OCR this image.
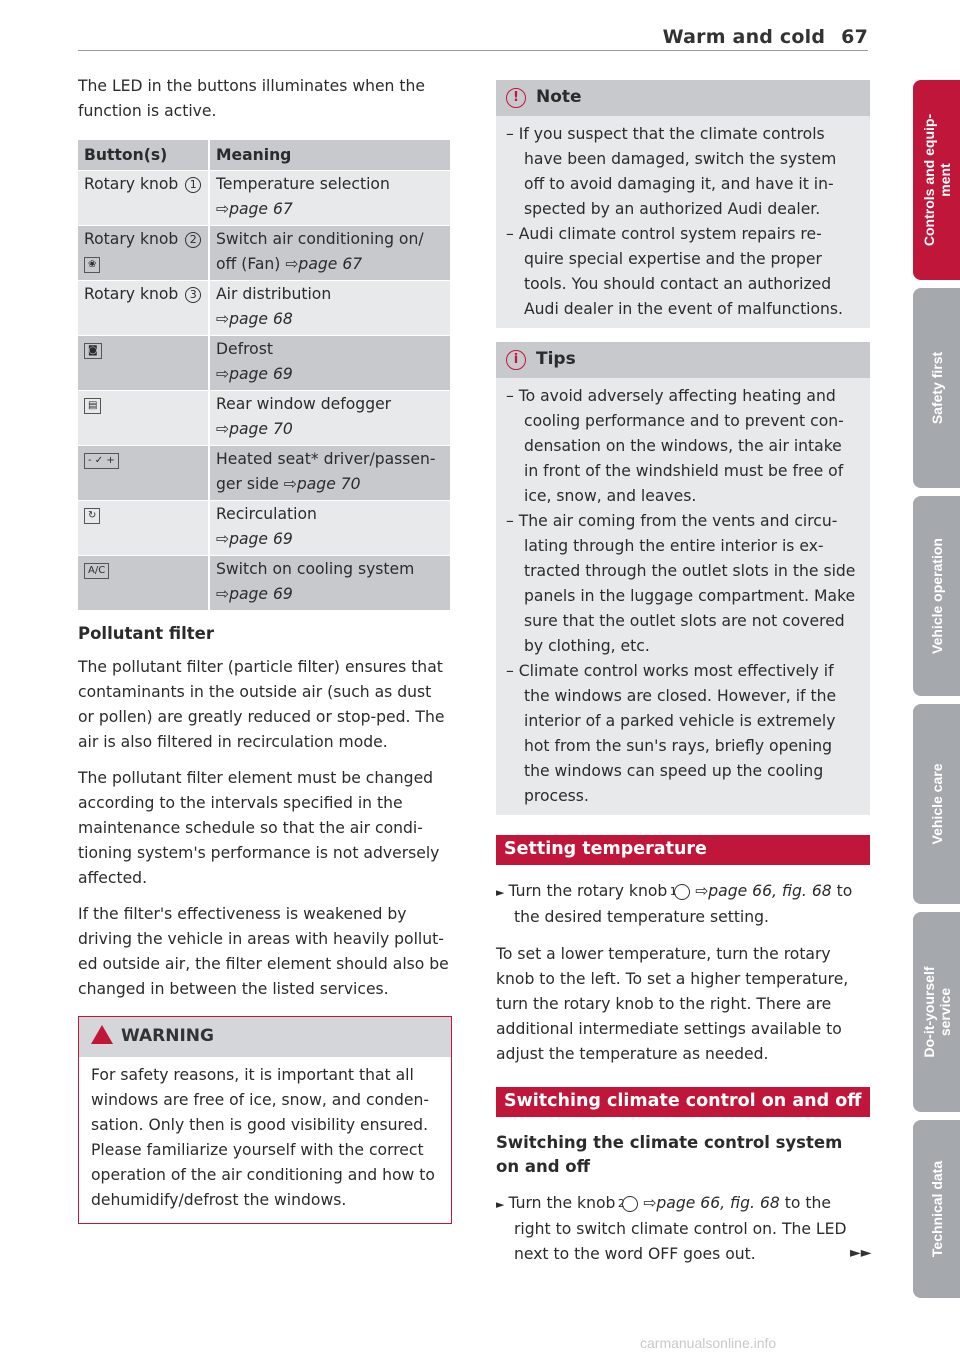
Warm and cold 67
Controls and equip-
ment
Safety first
Vehicle operation
Vehicle care
Do-it-yourself
service
Technical data

The LED in the buttons illuminates when the function is active.

Button(s)	Meaning
Rotary knob 1	Temperature selection
⇨page 67
Rotary knob 2 ❀	Switch air conditioning on/ off (Fan) ⇨page 67
Rotary knob 3	Air distribution
⇨page 68
◙	Defrost
⇨page 69
▤	Rear window defogger
⇨page 70
- ✓ +	Heated seat* driver/passen-ger side ⇨page 70
↻	Recirculation
⇨page 69
A/C	Switch on cooling system
⇨page 69
Pollutant filter

The pollutant filter (particle filter) ensures that contaminants in the outside air (such as dust or pollen) are greatly reduced or stop-ped. The air is also filtered in recirculation mode.

The pollutant filter element must be changed according to the intervals specified in the maintenance schedule so that the air condi-tioning system's performance is not adversely affected.

If the filter's effectiveness is weakened by driving the vehicle in areas with heavily pollut-ed outside air, the filter element should also be changed in between the listed services.

WARNING
For safety reasons, it is important that all windows are free of ice, snow, and conden-sation. Only then is good visibility ensured. Please familiarize yourself with the correct operation of the air conditioning and how to dehumidify/defrost the windows.
! Note

– If you suspect that the climate controls have been damaged, switch the system off to avoid damaging it, and have it in-spected by an authorized Audi dealer.

– Audi climate control system repairs re-quire special expertise and the proper tools. You should contact an authorized Audi dealer in the event of malfunctions.

i Tips

– To avoid adversely affecting heating and cooling performance and to prevent con-densation on the windows, the air intake in front of the windshield must be free of ice, snow, and leaves.

– The air coming from the vents and circu-lating through the entire interior is ex-tracted through the outlet slots in the side panels in the luggage compartment. Make sure that the outlet slots are not covered by clothing, etc.

– Climate control works most effectively if the windows are closed. However, if the interior of a parked vehicle is extremely hot from the sun's rays, briefly opening the windows can speed up the cooling process.

Setting temperature

► Turn the rotary knob 1 ⇨page 66, fig. 68 to the desired temperature setting.

To set a lower temperature, turn the rotary knob to the left. To set a higher temperature, turn the rotary knob to the right. There are additional intermediate settings available to adjust the temperature as needed.

Switching climate control on and off
Switching the climate control system on and off

► Turn the knob 2 ⇨page 66, fig. 68 to the right to switch climate control on. The LED next to the word OFF goes out.	►►
carmanualsonline.info
